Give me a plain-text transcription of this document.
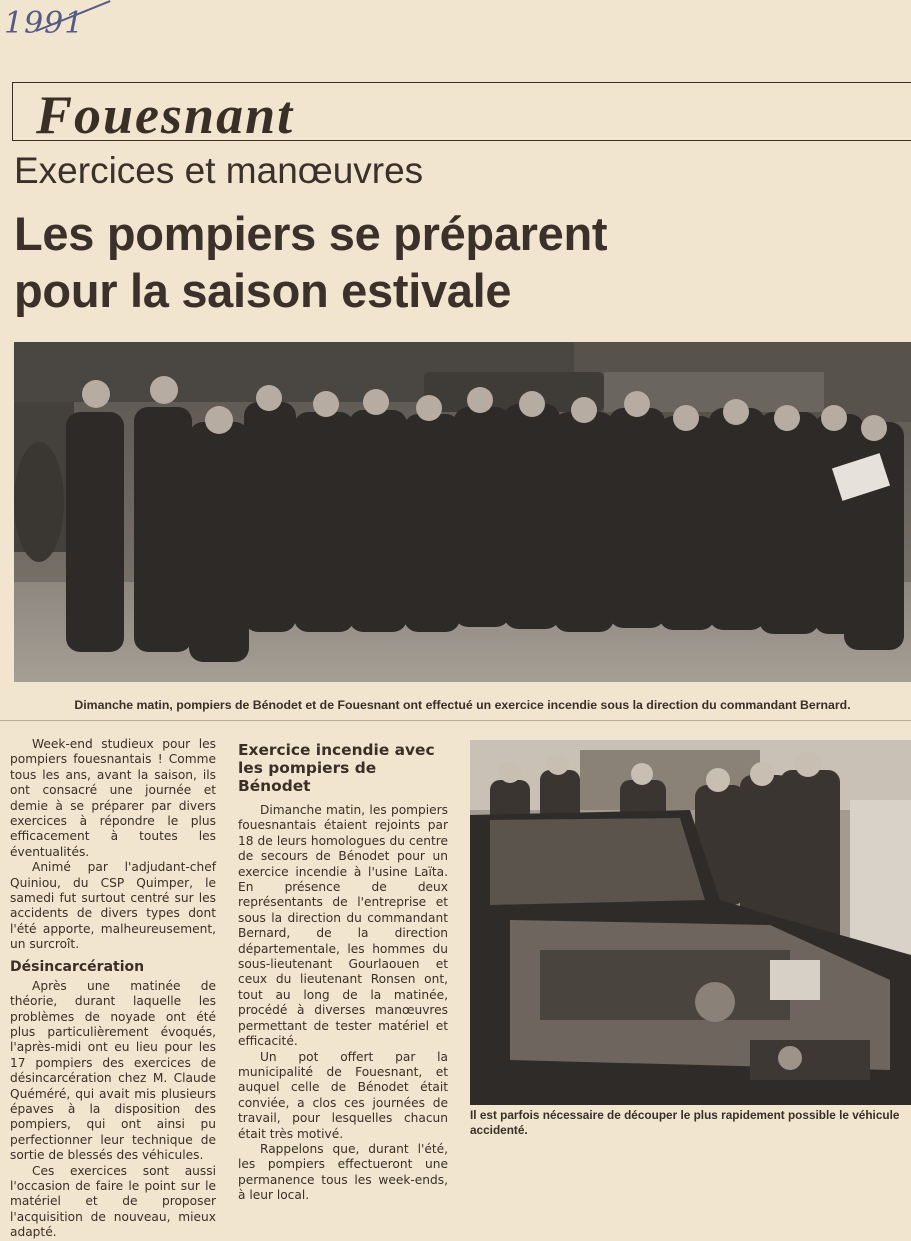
1991
Fouesnant
Exercices et manœuvres
Les pompiers se préparent
pour la saison estivale
Dimanche matin, pompiers de Bénodet et de Fouesnant ont effectué un exercice incendie sous la direction du commandant Bernard.

Week-end studieux pour les pompiers fouesnantais ! Comme tous les ans, avant la saison, ils ont consacré une journée et demie à se préparer par divers exercices à répondre le plus efficacement à toutes les éventualités.

Animé par l'adjudant-chef Quiniou, du CSP Quimper, le samedi fut surtout centré sur les accidents de divers types dont l'été apporte, malheureusement, un surcroît.

Désincarcération

Après une matinée de théorie, durant laquelle les problèmes de noyade ont été plus particulièrement évoqués, l'après-midi ont eu lieu pour les 17 pompiers des exercices de désincarcération chez M. Claude Quéméré, qui avait mis plusieurs épaves à la disposition des pompiers, qui ont ainsi pu perfectionner leur technique de sortie de blessés des véhicules.

Ces exercices sont aussi l'occasion de faire le point sur le matériel et de proposer l'acquisition de nouveau, mieux adapté.

Exercice incendie avec les pompiers de Bénodet

Dimanche matin, les pompiers fouesnantais étaient rejoints par 18 de leurs homologues du centre de secours de Bénodet pour un exercice incendie à l'usine Laïta. En présence de deux représentants de l'entreprise et sous la direction du commandant Bernard, de la direction départementale, les hommes du sous-lieutenant Gourlaouen et ceux du lieutenant Ronsen ont, tout au long de la matinée, procédé à diverses manœuvres permettant de tester matériel et efficacité.

Un pot offert par la municipalité de Fouesnant, et auquel celle de Bénodet était conviée, a clos ces journées de travail, pour lesquelles chacun était très motivé.

Rappelons que, durant l'été, les pompiers effectueront une permanence tous les week-ends, à leur local.

Il est parfois nécessaire de découper le plus rapidement possible le véhicule accidenté.
